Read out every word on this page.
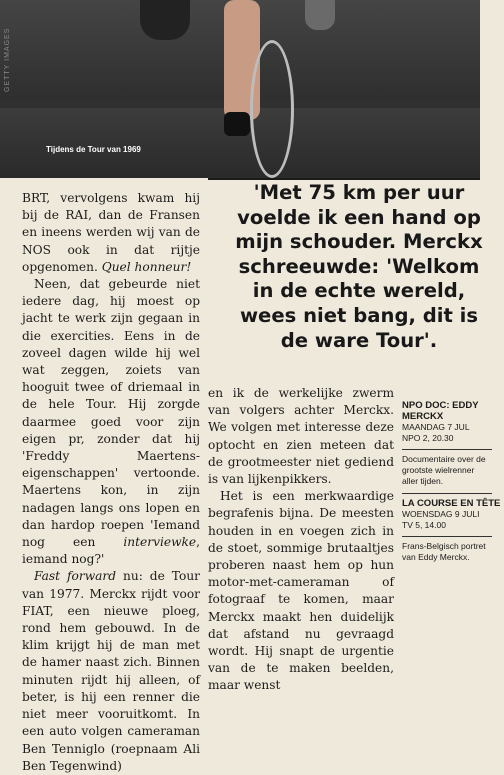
Tijdens de Tour van 1969
GETTY IMAGES

BRT, vervolgens kwam hij bij de RAI, dan de Fransen en ineens werden wij van de NOS ook in dat rijtje opgenomen. Quel honneur!

Neen, dat gebeurde niet iedere dag, hij moest op jacht te werk zijn gegaan in die exercities. Eens in de zoveel dagen wilde hij wel wat zeggen, zoiets van hooguit twee of driemaal in de hele Tour. Hij zorgde daarmee goed voor zijn eigen pr, zonder dat hij 'Freddy Maertens-eigenschappen' vertoonde. Maertens kon, in zijn nadagen langs ons lopen en dan hardop roepen 'Iemand nog een interviewke, iemand nog?'

Fast forward nu: de Tour van 1977. Merckx rijdt voor FIAT, een nieuwe ploeg, rond hem gebouwd. In de klim krijgt hij de man met de hamer naast zich. Binnen minuten rijdt hij alleen, of beter, is hij een renner die niet meer vooruitkomt. In een auto volgen cameraman Ben Tenniglo (roepnaam Ali Ben Tegenwind)

'Met 75 km per uur
voelde ik een hand op
mijn schouder. Merckx
schreeuwde: 'Welkom
in de echte wereld,
wees niet bang, dit is
de ware Tour'.

en ik de werkelijke zwerm van volgers achter Merckx. We volgen met interesse deze optocht en zien meteen dat de grootmeester niet gediend is van lijkenpikkers.

Het is een merkwaardige begrafenis bijna. De meesten houden in en voegen zich in de stoet, sommige brutaaltjes proberen naast hem op hun motor-met-cameraman of fotograaf te komen, maar Merckx maakt hen duidelijk dat afstand nu gevraagd wordt. Hij snapt de urgentie van de te maken beelden, maar wenst

NPO DOC: EDDY

MERCKX

MAANDAG 7 JUL

NPO 2, 20.30

Documentaire over de grootste wielrenner aller tijden.

LA COURSE EN TÊTE

WOENSDAG 9 JULI

TV 5, 14.00

Frans-Belgisch portret van Eddy Merckx.
